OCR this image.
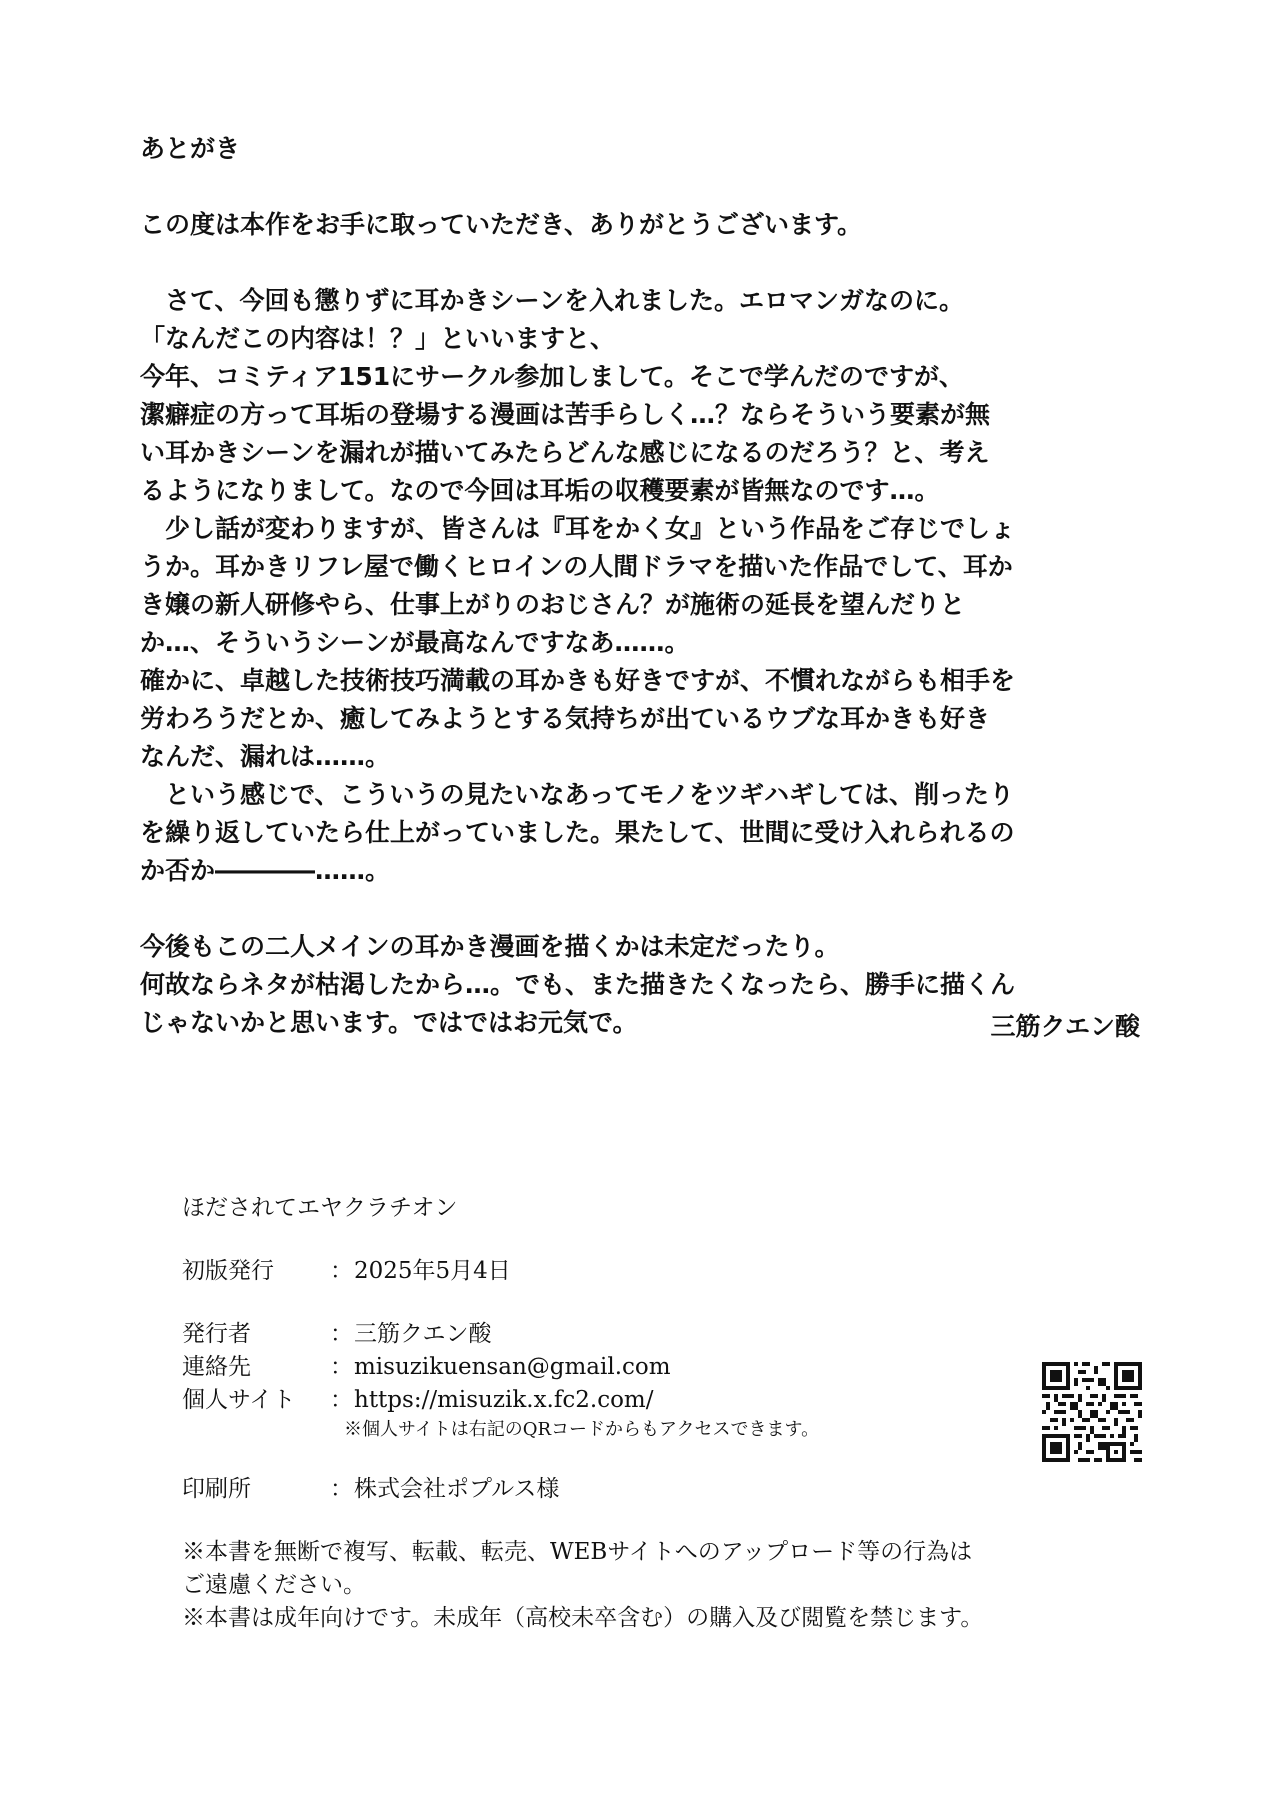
あとがき

この度は本作をお手に取っていただき、ありがとうございます。

　さて、今回も懲りずに耳かきシーンを入れました。エロマンガなのに。

「なんだこの内容は！？」といいますと、

今年、コミティア151にサークル参加しまして。そこで学んだのですが、

潔癖症の方って耳垢の登場する漫画は苦手らしく…？ならそういう要素が無

い耳かきシーンを漏れが描いてみたらどんな感じになるのだろう？と、考え

るようになりまして。なので今回は耳垢の収穫要素が皆無なのです…。

　少し話が変わりますが、皆さんは『耳をかく女』という作品をご存じでしょ

うか。耳かきリフレ屋で働くヒロインの人間ドラマを描いた作品でして、耳か

き嬢の新人研修やら、仕事上がりのおじさん？が施術の延長を望んだりと

か…、そういうシーンが最高なんですなあ……。

確かに、卓越した技術技巧満載の耳かきも好きですが、不慣れながらも相手を

労わろうだとか、癒してみようとする気持ちが出ているウブな耳かきも好き

なんだ、漏れは……。

　という感じで、こういうの見たいなあってモノをツギハギしては、削ったり

を繰り返していたら仕上がっていました。果たして、世間に受け入れられるの

か否か――――……。

今後もこの二人メインの耳かき漫画を描くかは未定だったり。

何故ならネタが枯渇したから…。でも、また描きたくなったら、勝手に描くん

じゃないかと思います。ではではお元気で。	三筋クエン酸
ほだされてエヤクラチオン
初版発行	： 2025年5月4日
発行者	： 三筋クエン酸
連絡先	： misuzikuensan@gmail.com
個人サイト	： https://misuzik.x.fc2.com/
※個人サイトは右記のQRコードからもアクセスできます。
印刷所	： 株式会社ポプルス様
※本書を無断で複写、転載、転売、WEBサイトへのアップロード等の行為は
ご遠慮ください。
※本書は成年向けです。未成年（高校未卒含む）の購入及び閲覧を禁じます。
